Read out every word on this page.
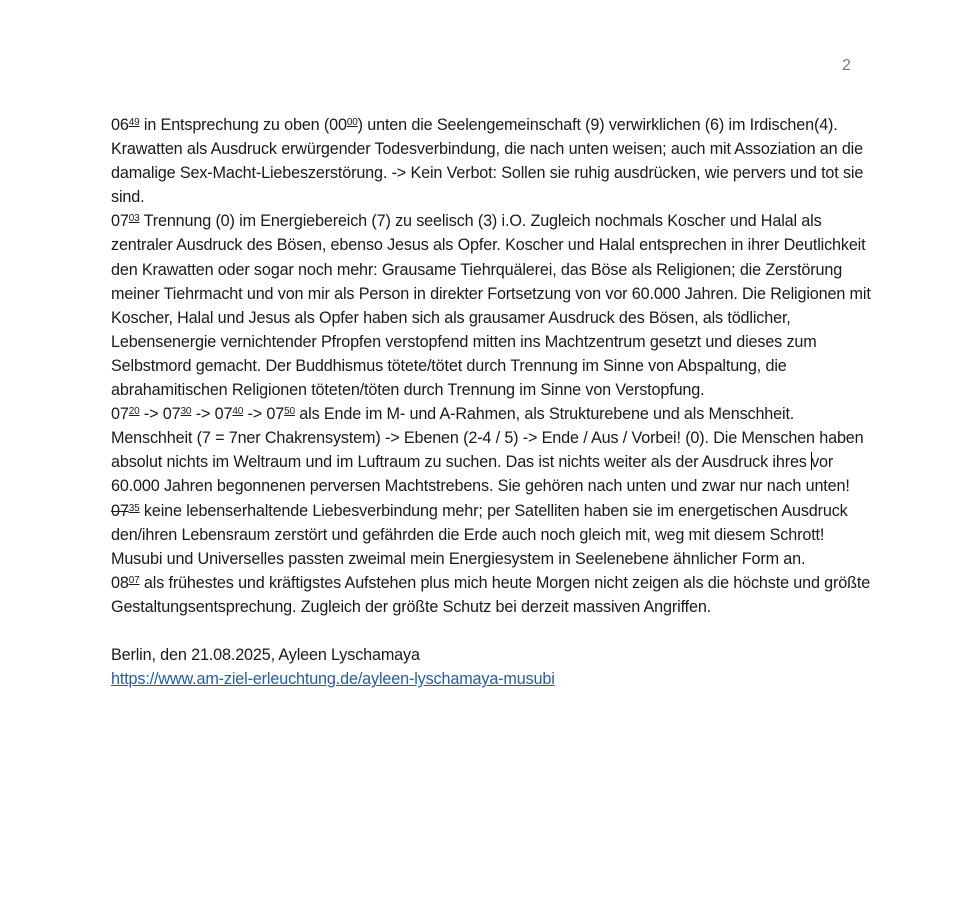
2

$06^{49}$ in Entsprechung zu oben $(00^{00})$ unten die Seelengemeinschaft (9) verwirklichen (6) im Irdischen(4). Krawatten als Ausdruck erwürgender Todesverbindung, die nach unten weisen; auch mit Assoziation an die damalige Sex-Macht-Liebeszerstörung. -> Kein Verbot: Sollen sie ruhig ausdrücken, wie pervers und tot sie sind.

$07^{03}$ Trennung (0) im Energiebereich (7) zu seelisch (3) i.O. Zugleich nochmals Koscher und Halal als zentraler Ausdruck des Bösen, ebenso Jesus als Opfer. Koscher und Halal entsprechen in ihrer Deutlichkeit den Krawatten oder sogar noch mehr: Grausame Tiehrquälerei, das Böse als Religionen; die Zerstörung meiner Tiehrmacht und von mir als Person in direkter Fortsetzung von vor 60.000 Jahren. Die Religionen mit Koscher, Halal und Jesus als Opfer haben sich als grausamer Ausdruck des Bösen, als tödlicher, Lebensenergie vernichtender Pfropfen verstopfend mitten ins Machtzentrum gesetzt und dieses zum Selbstmord gemacht. Der Buddhismus tötete/tötet durch Trennung im Sinne von Abspaltung, die abrahamitischen Religionen töteten/töten durch Trennung im Sinne von Verstopfung.

$07^{20} -> 07^{30} -> 07^{40} -> 07^{50}$ als Ende im M- und A-Rahmen, als Strukturebene und als Menschheit. Menschheit (7 = 7ner Chakrensystem) -> Ebenen (2-4 / 5) -> Ende / Aus / Vorbei! (0). Die Menschen haben absolut nichts im Weltraum und im Luftraum zu suchen. Das ist nichts weiter als der Ausdruck ihres vor 60.000 Jahren begonnenen perversen Machtstrebens. Sie gehören nach unten und zwar nur nach unten!

$07^{35}$ keine lebenserhaltende Liebesverbindung mehr; per Satelliten haben sie im energetischen Ausdruck den/ihren Lebensraum zerstört und gefährden die Erde auch noch gleich mit, weg mit diesem Schrott! Musubi und Universelles passten zweimal mein Energiesystem in Seelenebene ähnlicher Form an.

$08^{07}$ als frühestes und kräftigstes Aufstehen plus mich heute Morgen nicht zeigen als die höchste und größte Gestaltungsentsprechung. Zugleich der größte Schutz bei derzeit massiven Angriffen.

Berlin, den 21.08.2025, Ayleen Lyschamaya

https://www.am-ziel-erleuchtung.de/ayleen-lyschamaya-musubi
